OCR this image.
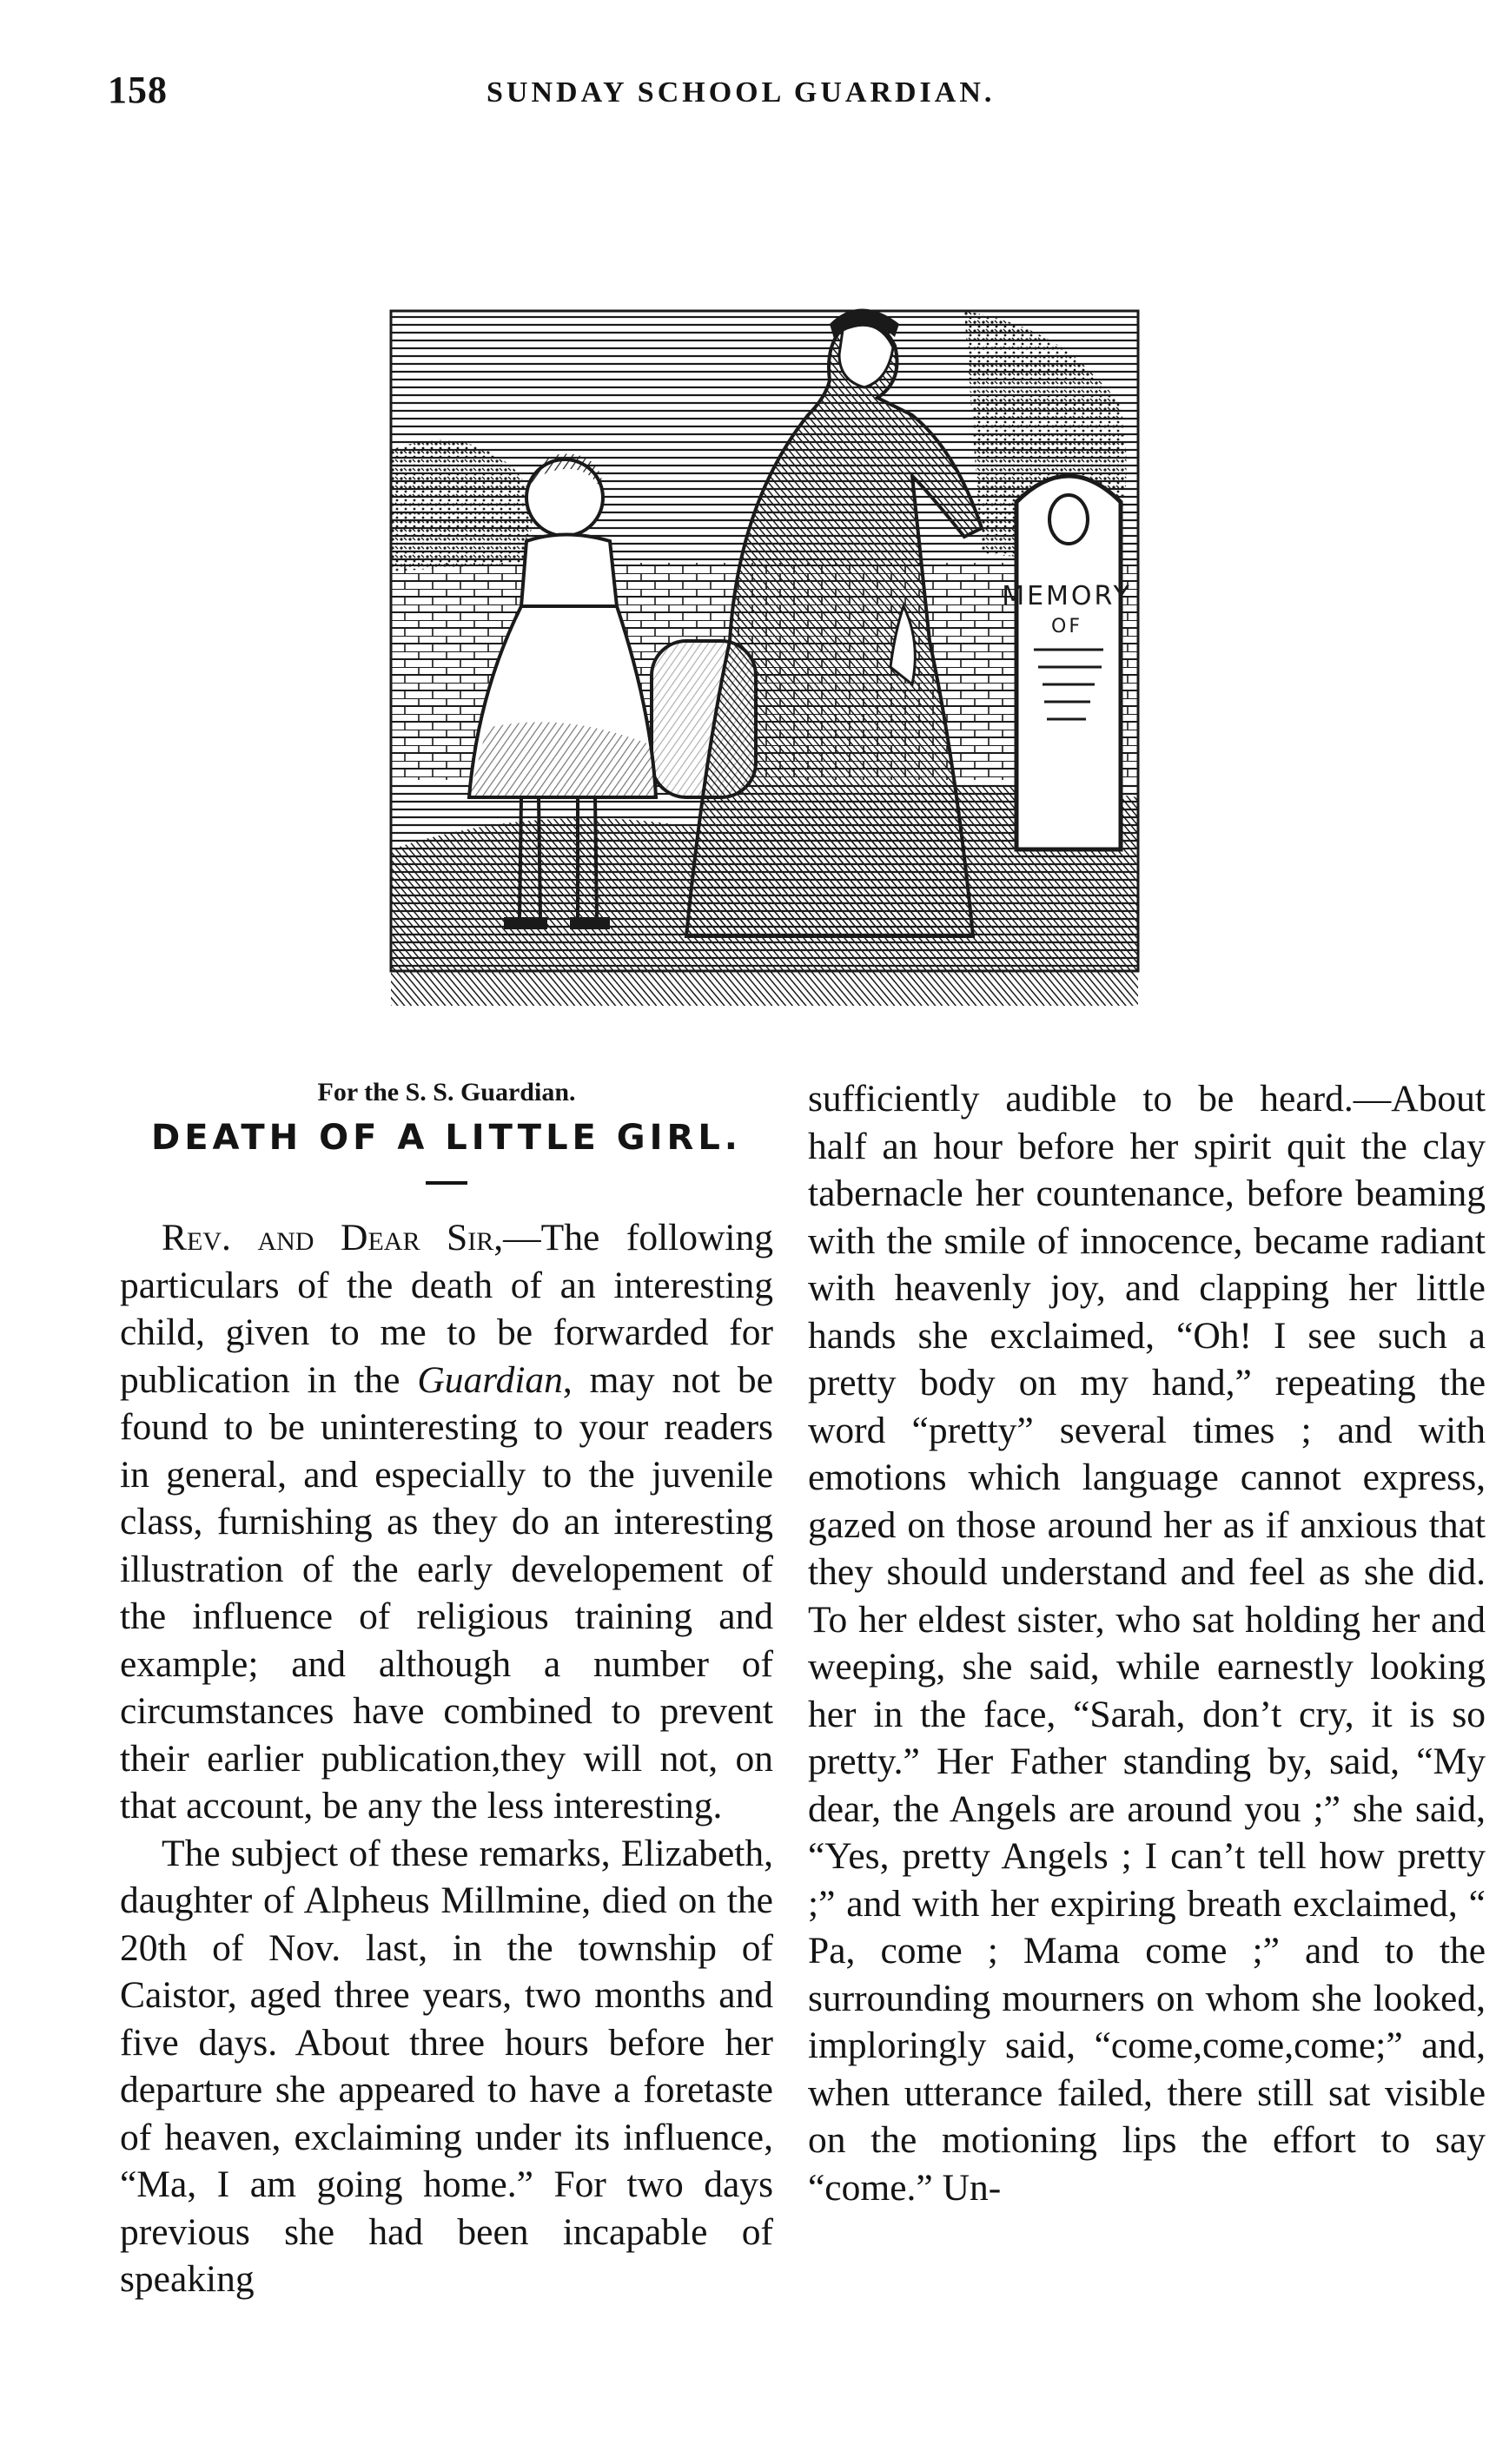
158	SUNDAY SCHOOL GUARDIAN.
MEMORY
OF
For the S. S. Guardian.
DEATH OF A LITTLE GIRL.

Rev. and Dear Sir,—The following particulars of the death of an interesting child, given to me to be forwarded for publication in the Guardian, may not be found to be uninteresting to your readers in general, and especially to the juvenile class, furnishing as they do an interesting illustration of the early developement of the influence of religious training and example; and although a number of circumstances have combined to prevent their earlier publication,they will not, on that account, be any the less interesting.

The subject of these remarks, Elizabeth, daughter of Alpheus Millmine, died on the 20th of Nov. last, in the township of Caistor, aged three years, two months and five days. About three hours before her departure she appeared to have a foretaste of heaven, exclaiming under its influence, “Ma, I am going home.” For two days previous she had been incapable of speaking

sufficiently audible to be heard.—About half an hour before her spirit quit the clay tabernacle her countenance, before beaming with the smile of innocence, became radiant with heavenly joy, and clapping her little hands she exclaimed, “Oh! I see such a pretty body on my hand,” repeating the word “pretty” several times ; and with emotions which language cannot express, gazed on those around her as if anxious that they should understand and feel as she did. To her eldest sister, who sat holding her and weeping, she said, while earnestly looking her in the face, “Sarah, don’t cry, it is so pretty.” Her Father standing by, said, “My dear, the Angels are around you ;” she said, “Yes, pretty Angels ; I can’t tell how pretty ;” and with her expiring breath exclaimed, “ Pa, come ; Mama come ;” and to the surrounding mourners on whom she looked, imploringly said, “come,come,come;” and, when utterance failed, there still sat visible on the motioning lips the effort to say “come.” Un-
